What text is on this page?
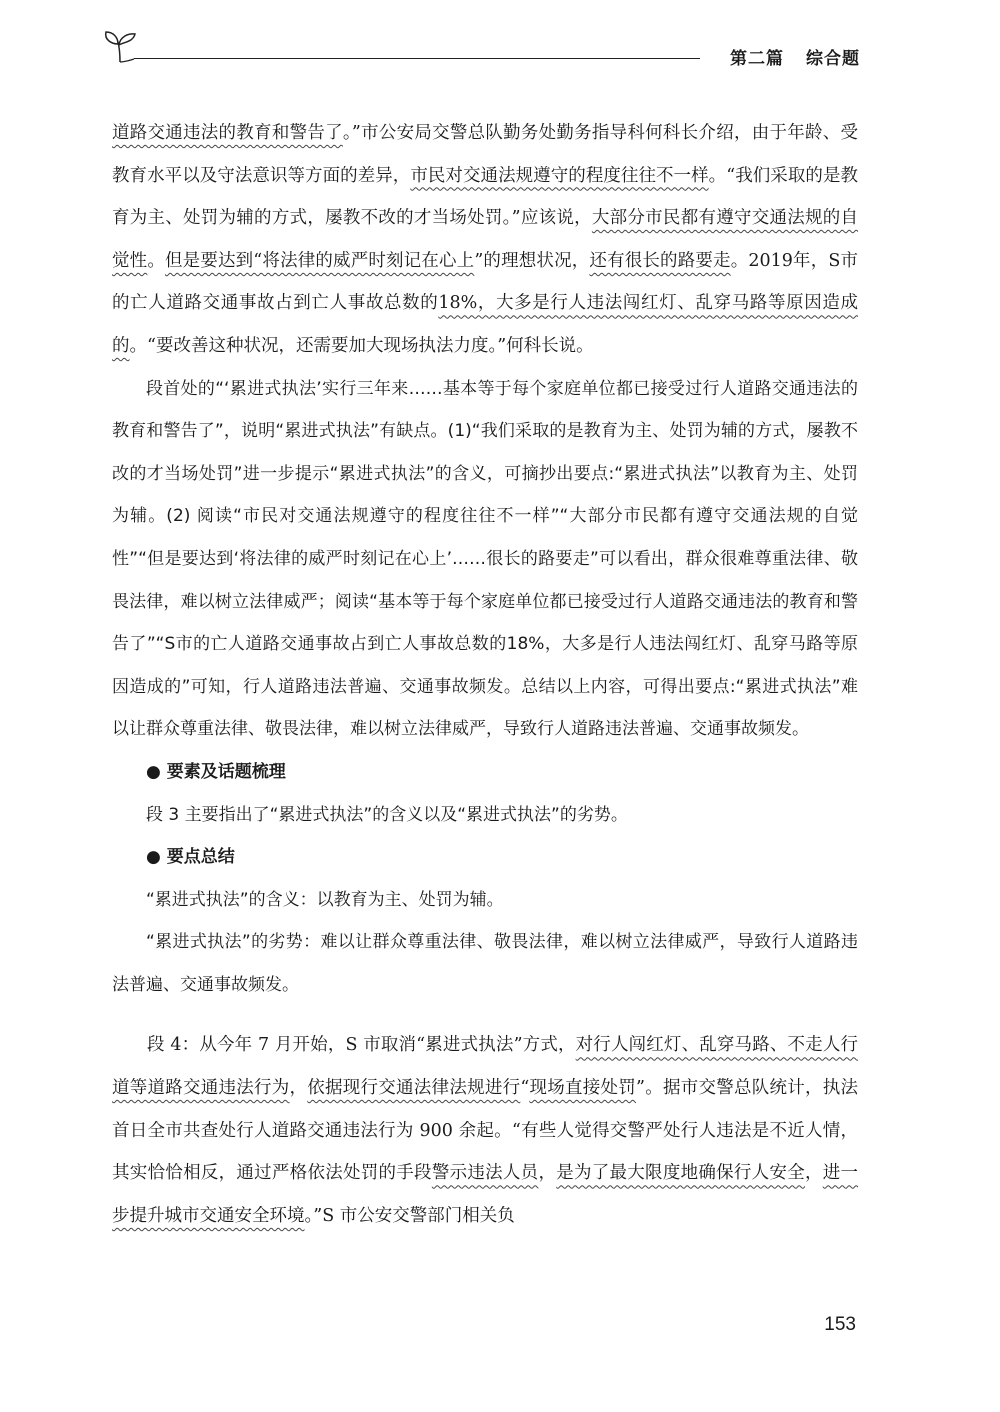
第二篇 综合题

道路交通违法的教育和警告了。”市公安局交警总队勤务处勤务指导科何科长介绍，由于年龄、受教育水平以及守法意识等方面的差异，市民对交通法规遵守的程度往往不一样。“我们采取的是教育为主、处罚为辅的方式，屡教不改的才当场处罚。”应该说，大部分市民都有遵守交通法规的自觉性。但是要达到“将法律的威严时刻记在心上”的理想状况，还有很长的路要走。2019年，S市的亡人道路交通事故占到亡人事故总数的18%，大多是行人违法闯红灯、乱穿马路等原因造成的。“要改善这种状况，还需要加大现场执法力度。”何科长说。

段首处的“‘累进式执法’实行三年来……基本等于每个家庭单位都已接受过行人道路交通违法的教育和警告了”，说明“累进式执法”有缺点。(1)“我们采取的是教育为主、处罚为辅的方式，屡教不改的才当场处罚”进一步提示“累进式执法”的含义，可摘抄出要点:“累进式执法”以教育为主、处罚为辅。(2) 阅读“市民对交通法规遵守的程度往往不一样”“大部分市民都有遵守交通法规的自觉性”“但是要达到‘将法律的威严时刻记在心上’……很长的路要走”可以看出，群众很难尊重法律、敬畏法律，难以树立法律威严；阅读“基本等于每个家庭单位都已接受过行人道路交通违法的教育和警告了”“S市的亡人道路交通事故占到亡人事故总数的18%，大多是行人违法闯红灯、乱穿马路等原因造成的”可知，行人道路违法普遍、交通事故频发。总结以上内容，可得出要点:“累进式执法”难以让群众尊重法律、敬畏法律，难以树立法律威严，导致行人道路违法普遍、交通事故频发。

● 要素及话题梳理

段 3 主要指出了“累进式执法”的含义以及“累进式执法”的劣势。

● 要点总结

“累进式执法”的含义：以教育为主、处罚为辅。

“累进式执法”的劣势：难以让群众尊重法律、敬畏法律，难以树立法律威严，导致行人道路违法普遍、交通事故频发。

段 4：从今年 7 月开始，S 市取消“累进式执法”方式，对行人闯红灯、乱穿马路、不走人行道等道路交通违法行为，依据现行交通法律法规进行“现场直接处罚”。据市交警总队统计，执法首日全市共查处行人道路交通违法行为 900 余起。“有些人觉得交警严处行人违法是不近人情，其实恰恰相反，通过严格依法处罚的手段警示违法人员，是为了最大限度地确保行人安全，进一步提升城市交通安全环境。”S 市公安交警部门相关负

153
